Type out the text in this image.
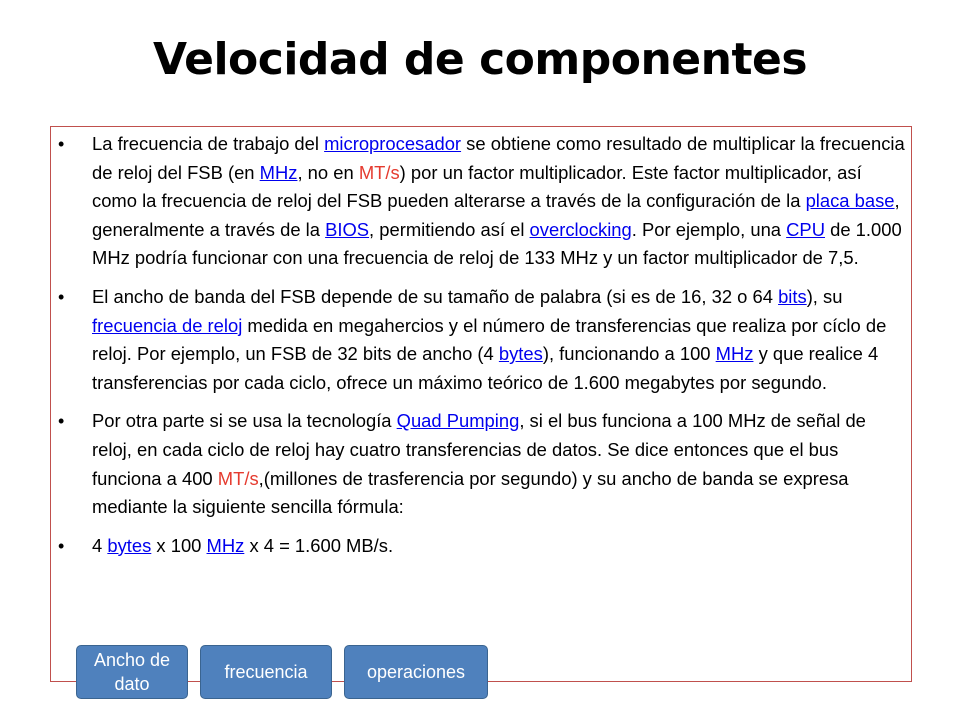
Velocidad de componentes
• La frecuencia de trabajo del microprocesador se obtiene como resultado de multiplicar la frecuencia de reloj del FSB (en MHz, no en MT/s) por un factor multiplicador. Este factor multiplicador, así como la frecuencia de reloj del FSB pueden alterarse a través de la configuración de la placa base, generalmente a través de la BIOS, permitiendo así el overclocking. Por ejemplo, una CPU de 1.000 MHz podría funcionar con una frecuencia de reloj de 133 MHz y un factor multiplicador de 7,5.
• El ancho de banda del FSB depende de su tamaño de palabra (si es de 16, 32 o 64 bits), su frecuencia de reloj medida en megahercios y el número de transferencias que realiza por cíclo de reloj. Por ejemplo, un FSB de 32 bits de ancho (4 bytes), funcionando a 100 MHz y que realice 4 transferencias por cada ciclo, ofrece un máximo teórico de 1.600 megabytes por segundo.
• Por otra parte si se usa la tecnología Quad Pumping, si el bus funciona a 100 MHz de señal de reloj, en cada ciclo de reloj hay cuatro transferencias de datos. Se dice entonces que el bus funciona a 400 MT/s,(millones de trasferencia por segundo) y su ancho de banda se expresa mediante la siguiente sencilla fórmula:
• 4 bytes x 100 MHz x 4 = 1.600 MB/s.
Ancho de dato
frecuencia	operaciones
